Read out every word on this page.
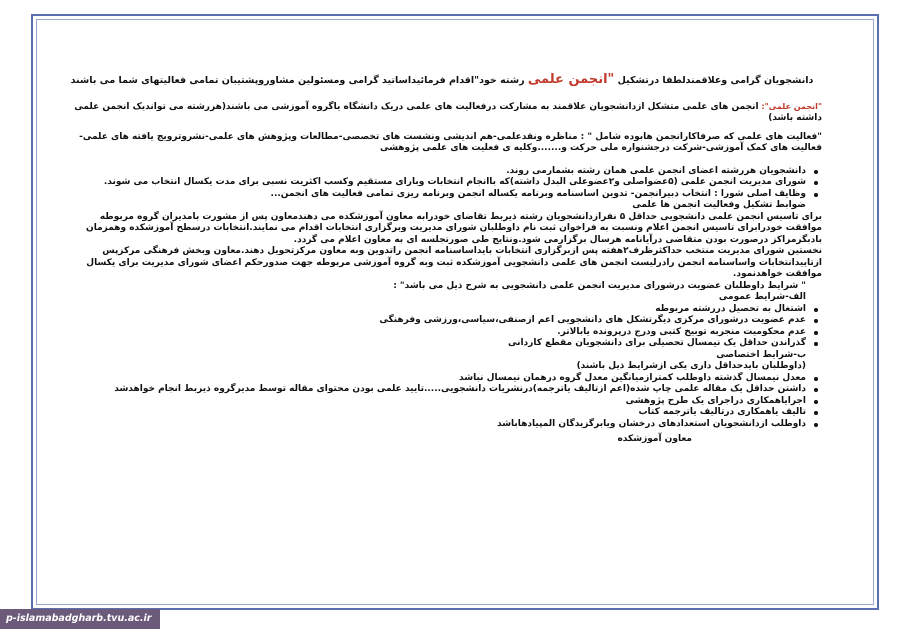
دانشجویان گرامی وعلاقمندلطفا درتشکیل "انجمن علمی رشته خود"اقدام فرمائیداساتید گرامی ومسئولین مشاوروپشتیبان تمامی فعالیتهای شما می باشند

"انجمن علمی": انجمن های علمی متشکل ازدانشجویان علاقمند به مشارکت درفعالیت های علمی دریک دانشگاه یاگروه آموزشی می باشند(هررشته می توانديک انجمن علمی داشته باشد)

"فعالیت های علمی که صرفاکارانجمن هابوده شامل " : مناظره ونقدعلمی-هم اندیشی ونشست های تخصصی-مطالعات وپژوهش های علمی-نشروترویج یافته های علمی-فعالیت های کمک آموزشی-شرکت درجشنواره ملی حرکت و.......وکلیه ی فعلیت های علمی پژوهشی

دانشجویان هررشته اعضای انجمن علمی همان رشته بشمارمی روند.
شورای مدیریت انجمن علمی (۵عضواصلی و۲عضوعلی البدل داشته)که باانجام انتخابات وبارای مستقیم وکسب اکثریت نسبی برای مدت یکسال انتخاب می شوند.
وظایف اصلی شورا : انتخاب دبیرانجمن- تدوین اساسنامه وبرنامه یکساله انجمن وبرنامه ریزی تمامی فعالیت های انجمن...

ضوابط تشکیل وفعالیت انجمن ها علمی

برای تاسیس انجمن علمی دانشجویی حداقل ۵ نفرازدانشجویان رشته ذیربط تقاضای خودرابه معاون آموزشکده می دهندمعاون پس از مشورت بامدیران گروه مربوطه موافقت خودرابرای تاسیس انجمن اعلام ونسبت به فراخوان ثبت نام داوطلبان شورای مدیریت وبرگزاری انتخابات اقدام می نمایند.انتخابات درسطح آموزشکده وهمزمان بادبگرمراکز درصورت بودن متقاضی درآیانامه هرسال برگزارمی شود.ونتایج طی صورتجلسه ای به معاون اعلام می گردد.

نخستین شورای مدیریت منتخب حداکثرظرف۲هفته پس ازبرگزاری انتخابات بایداساسنامه انجمن راتدوین وبه معاون مرکزتحویل دهند.معاون وبخش فرهنگی مرکزپس ازتاییدانتخابات واساسنامه انجمن رادرلیست انجمن های علمی دانشجویی آموزشکده ثبت وبه گروه آموزشی مربوطه جهت صدورحکم اعضای شورای مدیریت برای یکسال موافقت خواهدنمود.

" شرایط داوطلبان عضویت درشورای مدیریت انجمن علمی دانشجویی به شرح ذیل می باشد" :

الف-شرایط عمومی

اشتغال به تحصیل دررشته مربوطه
عدم عضویت درشورای مرکزی دیگرتشکل های دانشجویی اعم ازصنفی،سیاسی،ورزشی وفرهنگی
عدم محکومیت منجربه توبیخ کتبی ودرج درپرونده یابالاتر.
گذراندن حداقل یک نیمسال تحصیلی برای دانشجویان مقطع کاردانی

ب-شرایط اختصاصی

(داوطلبان بایدحداقل داری یکی ازشرایط ذیل باشند)

معدل نیمسال گذشته داوطلب کمترازمیانگین معدل گروه درهمان نیمسال نباشد
داشتن حداقل یک مقاله علمی چاپ شده(اعم ازتالیف یاترجمه)درنشریات دانشجویی.....تایید علمی بودن محتوای مقاله توسط مدیرگروه ذیربط انجام خواهدشد
اجرایاهمکاری دراجرای یک طرح پژوهشی
تالیف یاهمکاری درتالیف یاترجمه کتاب
داوطلب ازدانشجویان استعدادهای درخشان ویابرگزیدگان المپیادهاباشد

معاون آموزشکده

p-islamabadgharb.tvu.ac.ir
